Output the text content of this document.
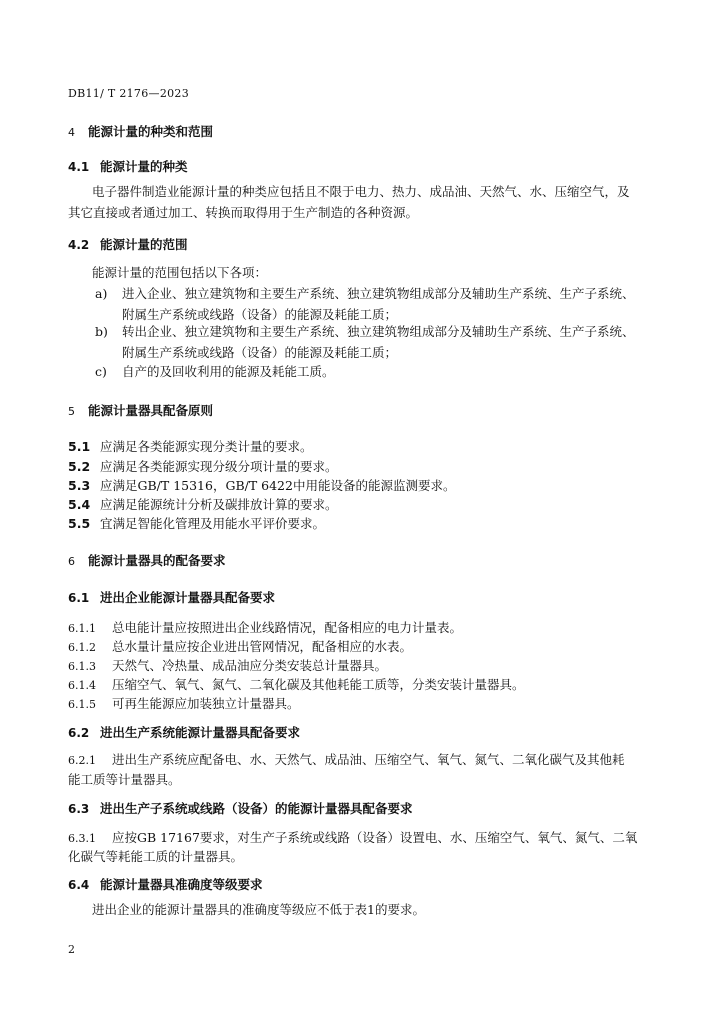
DB11/ T 2176—2023
4 能源计量的种类和范围
4.1 能源计量的种类
电子器件制造业能源计量的种类应包括且不限于电力、热力、成品油、天然气、水、压缩空气，及
其它直接或者通过加工、转换而取得用于生产制造的各种资源。
4.2 能源计量的范围
能源计量的范围包括以下各项：
a) 进入企业、独立建筑物和主要生产系统、独立建筑物组成部分及辅助生产系统、生产子系统、
附属生产系统或线路（设备）的能源及耗能工质；
b) 转出企业、独立建筑物和主要生产系统、独立建筑物组成部分及辅助生产系统、生产子系统、
附属生产系统或线路（设备）的能源及耗能工质；
c) 自产的及回收利用的能源及耗能工质。
5 能源计量器具配备原则
5.1 应满足各类能源实现分类计量的要求。
5.2 应满足各类能源实现分级分项计量的要求。
5.3 应满足GB/T 15316，GB/T 6422中用能设备的能源监测要求。
5.4 应满足能源统计分析及碳排放计算的要求。
5.5 宜满足智能化管理及用能水平评价要求。
6 能源计量器具的配备要求
6.1 进出企业能源计量器具配备要求
6.1.1 总电能计量应按照进出企业线路情况，配备相应的电力计量表。
6.1.2 总水量计量应按企业进出管网情况，配备相应的水表。
6.1.3 天然气、冷热量、成品油应分类安装总计量器具。
6.1.4 压缩空气、氧气、氮气、二氧化碳及其他耗能工质等，分类安装计量器具。
6.1.5 可再生能源应加装独立计量器具。
6.2 进出生产系统能源计量器具配备要求
6.2.1 进出生产系统应配备电、水、天然气、成品油、压缩空气、氧气、氮气、二氧化碳气及其他耗
能工质等计量器具。
6.3 进出生产子系统或线路（设备）的能源计量器具配备要求
6.3.1 应按GB 17167要求，对生产子系统或线路（设备）设置电、水、压缩空气、氧气、氮气、二氧
化碳气等耗能工质的计量器具。
6.4 能源计量器具准确度等级要求
进出企业的能源计量器具的准确度等级应不低于表1的要求。
2
